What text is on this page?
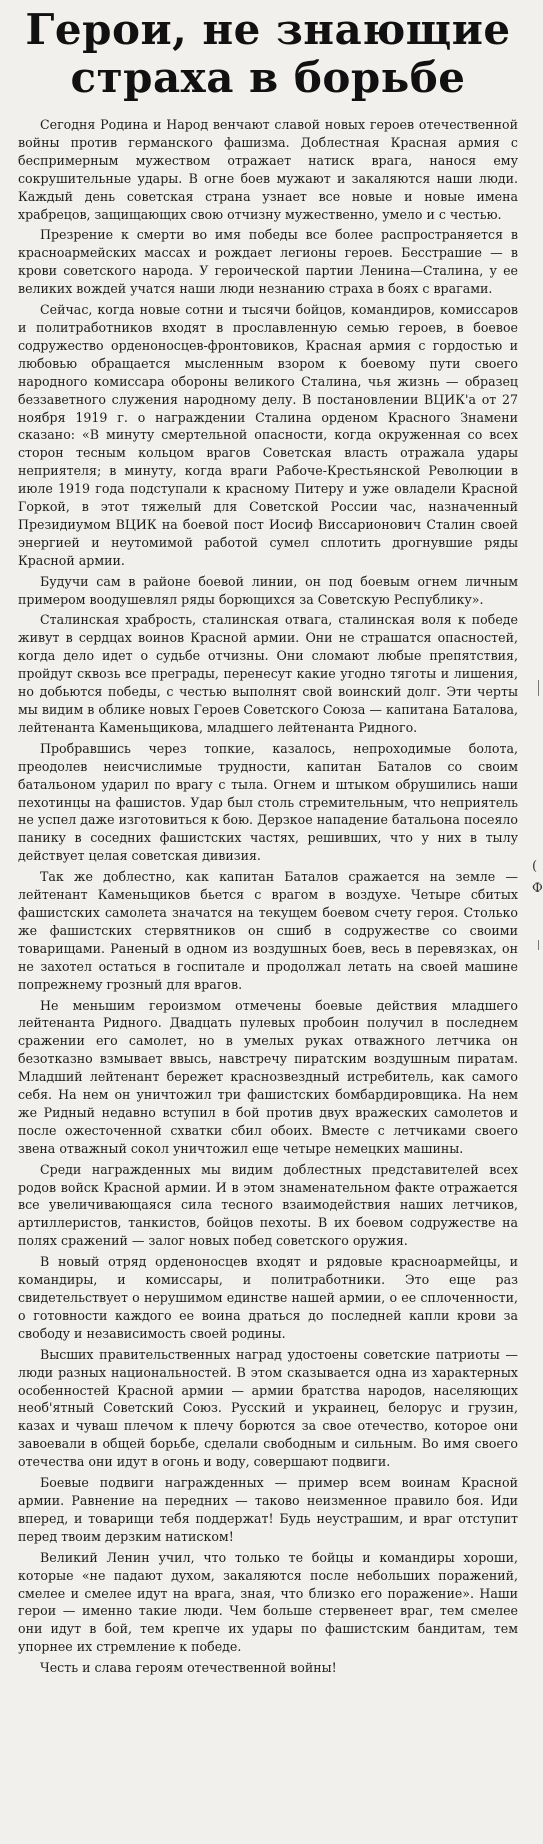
Герои, не знающие
страха в борьбе

Сегодня Родина и Народ венчают славой новых героев отечественной войны против германского фашизма. Доблестная Красная армия с беспримерным мужеством отражает натиск врага, нанося ему сокрушительные удары. В огне боев мужают и закаляются наши люди. Каждый день советская страна узнает все новые и новые имена храбрецов, защищающих свою отчизну мужественно, умело и с честью.

Презрение к смерти во имя победы все более распространяется в красноармейских массах и рождает легионы героев. Бесстрашие — в крови советского народа. У героической партии Ленина—Сталина, у ее великих вождей учатся наши люди незнанию страха в боях с врагами.

Сейчас, когда новые сотни и тысячи бойцов, командиров, комиссаров и политработников входят в прославленную семью героев, в боевое содружество орденоносцев-фронтовиков, Красная армия с гордостью и любовью обращается мысленным взором к боевому пути своего народного комиссара обороны великого Сталина, чья жизнь — образец беззаветного служения народному делу. В постановлении ВЦИК'а от 27 ноября 1919 г. о награждении Сталина орденом Красного Знамени сказано: «В минуту смертельной опасности, когда окруженная со всех сторон тесным кольцом врагов Советская власть отражала удары неприятеля; в минуту, когда враги Рабоче-Крестьянской Революции в июле 1919 года подступали к красному Питеру и уже овладели Красной Горкой, в этот тяжелый для Советской России час, назначенный Президиумом ВЦИК на боевой пост Иосиф Виссарионович Сталин своей энергией и неутомимой работой сумел сплотить дрогнувшие ряды Красной армии.

Будучи сам в районе боевой линии, он под боевым огнем личным примером воодушевлял ряды борющихся за Советскую Республику».

Сталинская храбрость, сталинская отвага, сталинская воля к победе живут в сердцах воинов Красной армии. Они не страшатся опасностей, когда дело идет о судьбе отчизны. Они сломают любые препятствия, пройдут сквозь все преграды, перенесут какие угодно тяготы и лишения, но добьются победы, с честью выполнят свой воинский долг. Эти черты мы видим в облике новых Героев Советского Союза — капитана Баталова, лейтенанта Каменьщикова, младшего лейтенанта Ридного.

Пробравшись через топкие, казалось, непроходимые болота, преодолев неисчислимые трудности, капитан Баталов со своим батальоном ударил по врагу с тыла. Огнем и штыком обрушились наши пехотинцы на фашистов. Удар был столь стремительным, что неприятель не успел даже изготовиться к бою. Дерзкое нападение батальона посеяло панику в соседних фашистских частях, решивших, что у них в тылу действует целая советская дивизия.

Так же доблестно, как капитан Баталов сражается на земле — лейтенант Каменьщиков бьется с врагом в воздухе. Четыре сбитых фашистских самолета значатся на текущем боевом счету героя. Столько же фашистских стервятников он сшиб в содружестве со своими товарищами. Раненый в одном из воздушных боев, весь в перевязках, он не захотел остаться в госпитале и продолжал летать на своей машине попрежнему грозный для врагов.

Не меньшим героизмом отмечены боевые действия младшего лейтенанта Ридного. Двадцать пулевых пробоин получил в последнем сражении его самолет, но в умелых руках отважного летчика он безотказно взмывает ввысь, навстречу пиратским воздушным пиратам. Младший лейтенант бережет краснозвездный истребитель, как самого себя. На нем он уничтожил три фашистских бомбардировщика. На нем же Ридный недавно вступил в бой против двух вражеских самолетов и после ожесточенной схватки сбил обоих. Вместе с летчиками своего звена отважный сокол уничтожил еще четыре немецких машины.

Среди награжденных мы видим доблестных представителей всех родов войск Красной армии. И в этом знаменательном факте отражается все увеличивающаяся сила тесного взаимодействия наших летчиков, артиллеристов, танкистов, бойцов пехоты. В их боевом содружестве на полях сражений — залог новых побед советского оружия.

В новый отряд орденоносцев входят и рядовые красноармейцы, и командиры, и комиссары, и политработники. Это еще раз свидетельствует о нерушимом единстве нашей армии, о ее сплоченности, о готовности каждого ее воина драться до последней капли крови за свободу и независимость своей родины.

Высших правительственных наград удостоены советские патриоты — люди разных национальностей. В этом сказывается одна из характерных особенностей Красной армии — армии братства народов, населяющих необ'ятный Советский Союз. Русский и украинец, белорус и грузин, казах и чуваш плечом к плечу борются за свое отечество, которое они завоевали в общей борьбе, сделали свободным и сильным. Во имя своего отечества они идут в огонь и воду, совершают подвиги.

Боевые подвиги награжденных — пример всем воинам Красной армии. Равнение на передних — таково неизменное правило боя. Иди вперед, и товарищи тебя поддержат! Будь неустрашим, и враг отступит перед твоим дерзким натиском!

Великий Ленин учил, что только те бойцы и командиры хороши, которые «не падают духом, закаляются после небольших поражений, смелее и смелее идут на врага, зная, что близко его поражение». Наши герои — именно такие люди. Чем больше стервенеет враг, тем смелее они идут в бой, тем крепче их удары по фашистским бандитам, тем упорнее их стремление к победе.

Честь и слава героям отечественной войны!

(
Ф
